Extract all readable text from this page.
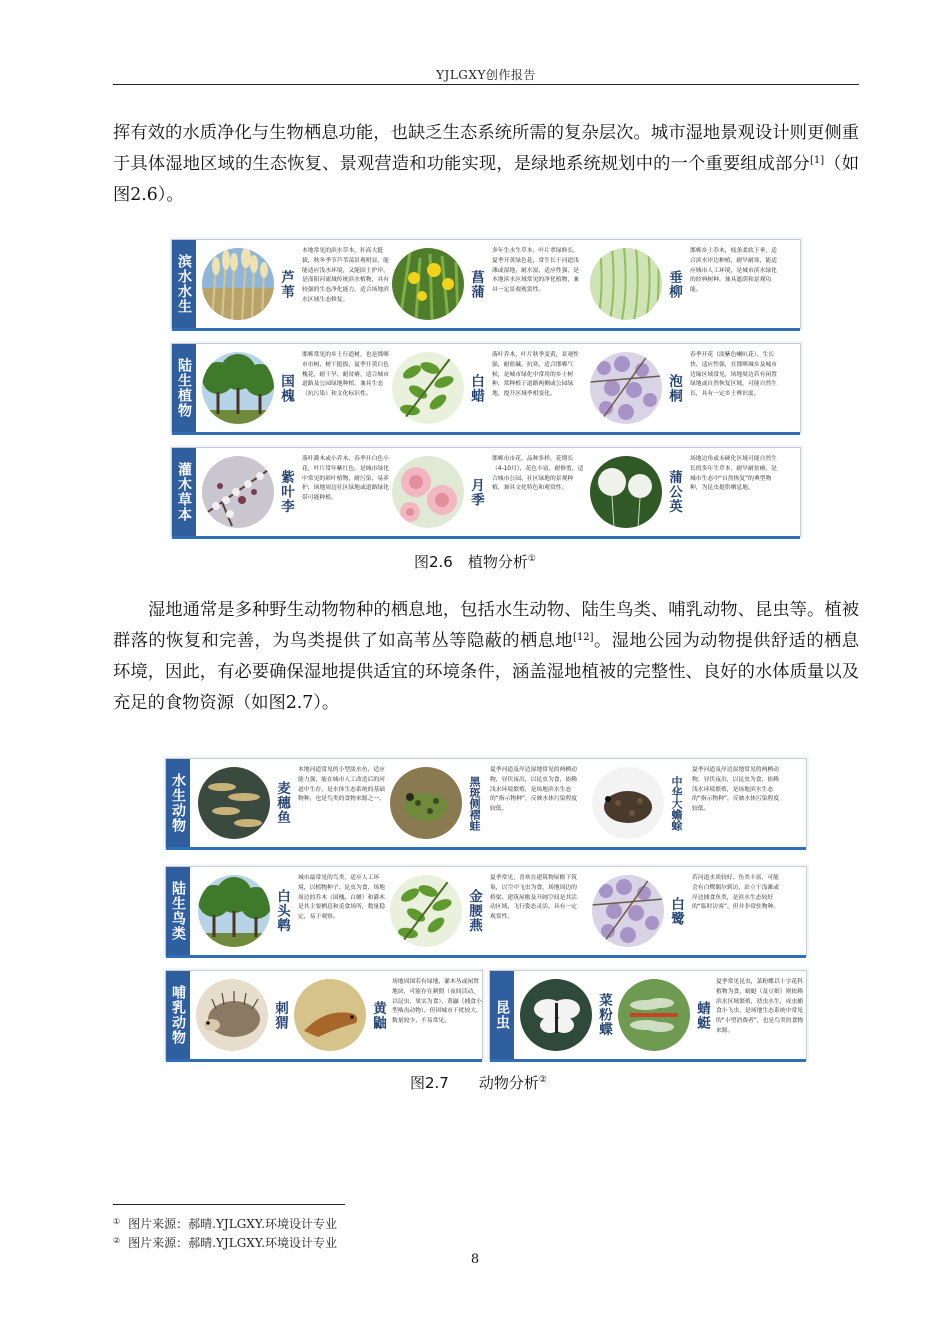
YJLGXY创作报告

挥有效的水质净化与生物栖息功能，也缺乏生态系统所需的复杂层次。城市湿地景观设计则更侧重于具体湿地区域的生态恢复、景观营造和功能实现，是绿地系统规划中的一个重要组成部分[1]（如图2.6）。

滨水水生	芦苇
本地常见的滨水草本，秆高大挺拔，秋冬季节芦苇荡景观明显，能能适应浅水环境，又能固土护岸，是滏阳河流域传统滨水植物，具有较强的生态净化能力，适合场地滨水区域生态修复。
菖蒲
多年生水生草本，叶片翠绿修长，夏季开黄绿色花，常生长于河道浅滩或湿地，耐水湿、适应性强，是本地滨水区域常见的净化植物，兼具一定景观观赏性。	垂柳
邯郸乡土乔木，枝条柔软下垂，适合滨水岸边种植，耐旱耐寒，能适应城市人工环境，是城市滨水绿化的经典树种，兼具遮荫和景观功能。
陆生植物	国槐
邯郸常见的乡土行道树，也是邯郸市市树，树干挺拔，夏季开黄白色槐花，耐干旱、耐贫瘠，适合城市道路及公园绿地种植，兼具生态（抗污染）和文化标识性。	白蜡
落叶乔木，叶片秋季变黄，景观性强，耐盐碱、抗寒，适合邯郸气候，是城市绿化中常用的乡土树种，常种植于道路两侧或公园绿地，提升区域季相变化。	泡桐
春季开花（淡紫色喇叭花），生长快、适应性强，在邯郸城乡及城市边缘区域常见，场地周边若有闲置绿地或自然恢复区域，可能自然生长，具有一定乡土辨识度。
灌木草本	紫叶李
落叶灌木或小乔木，春季开白色小花，叶片常年紫红色，是城市绿化中常见的彩叶植物，耐污染、易养护，场地周边社区绿地或道路绿化带可能种植。	月季
邯郸市市花，品种多样，花期长（4-10月），花色丰富，耐修剪，适合城市公园、社区绿地的景观种植，兼具文化特色和观赏性。	蒲公英
场地边角或未硬化区域可能自然生长的多年生草本，耐旱耐贫瘠，是城市生态中“自然恢复”的典型物种，为昆虫提供栖息地。
图2.6　植物分析①

湿地通常是多种野生动物物种的栖息地，包括水生动物、陆生鸟类、哺乳动物、昆虫等。植被群落的恢复和完善，为鸟类提供了如高苇丛等隐蔽的栖息地[12]。湿地公园为动物提供舒适的栖息环境，因此，有必要确保湿地提供适宜的环境条件，涵盖湿地植被的完整性、良好的水体质量以及充足的食物资源（如图2.7）。

水生动物	麦穗鱼
本地河道常见的小型淡水鱼，适应能力强，能在城市人工改造后的河道中生存，是水体生态系统的基础物种，也是鸟类的食物来源之一。	黑斑侧褶蛙
夏季河道及岸边湿地常见的两栖动物，昼伏夜出，以昆虫为食，依赖浅水环境繁殖，是场地滨水生态的“指示物种”，反映水体污染程度较低。	中华大蟾蜍
夏季河道及岸边湿地常见的两栖动物，昼伏夜出，以昆虫为食，依赖浅水环境繁殖，是场地滨水生态的“指示物种”，反映水体污染程度较低。
陆生鸟类	白头鹎
城市最常见的鸟类，适应人工环境，以植物种子、昆虫为食，场地周边的乔木（国槐、白蜡）和灌木是其主要栖息和觅食场所，数量稳定，易于观察。	金腰燕
夏季常见，喜欢在建筑物屋檐下筑巢，以空中飞虫为食，场地周边的桥梁、建筑屋檐及开阔空间是其活动区域，飞行姿态灵活，具有一定观赏性。	白鹭
若河道水质较好、鱼类丰富，可能会有白鹭偶尔到访，站立于浅滩或岸边捕食鱼类，是滨水生态较好的“临时访客”，但并非常驻物种。
哺乳动物	刺猬	黄鼬
场地周围若有绿地、灌木丛或闲置地块，可能存在刺猬（夜间活动，以昆虫、果实为食）、黄鼬（捕食小型啮齿动物），但因城市干扰较大，数量较少，不易常见。	昆虫	菜粉蝶	蜻蜓
夏季常见昆虫，菜粉蝶以十字花科植物为食，蜻蜓（及豆娘）则依赖滨水区域繁殖，幼虫水生，成虫捕食小飞虫，是场地生态系统中常见的“小型消费者”，也是鸟类的食物来源。
图2.7　　动物分析②
① 图片来源：郝晴.YJLGXY.环境设计专业
② 图片来源：郝晴.YJLGXY.环境设计专业
8
